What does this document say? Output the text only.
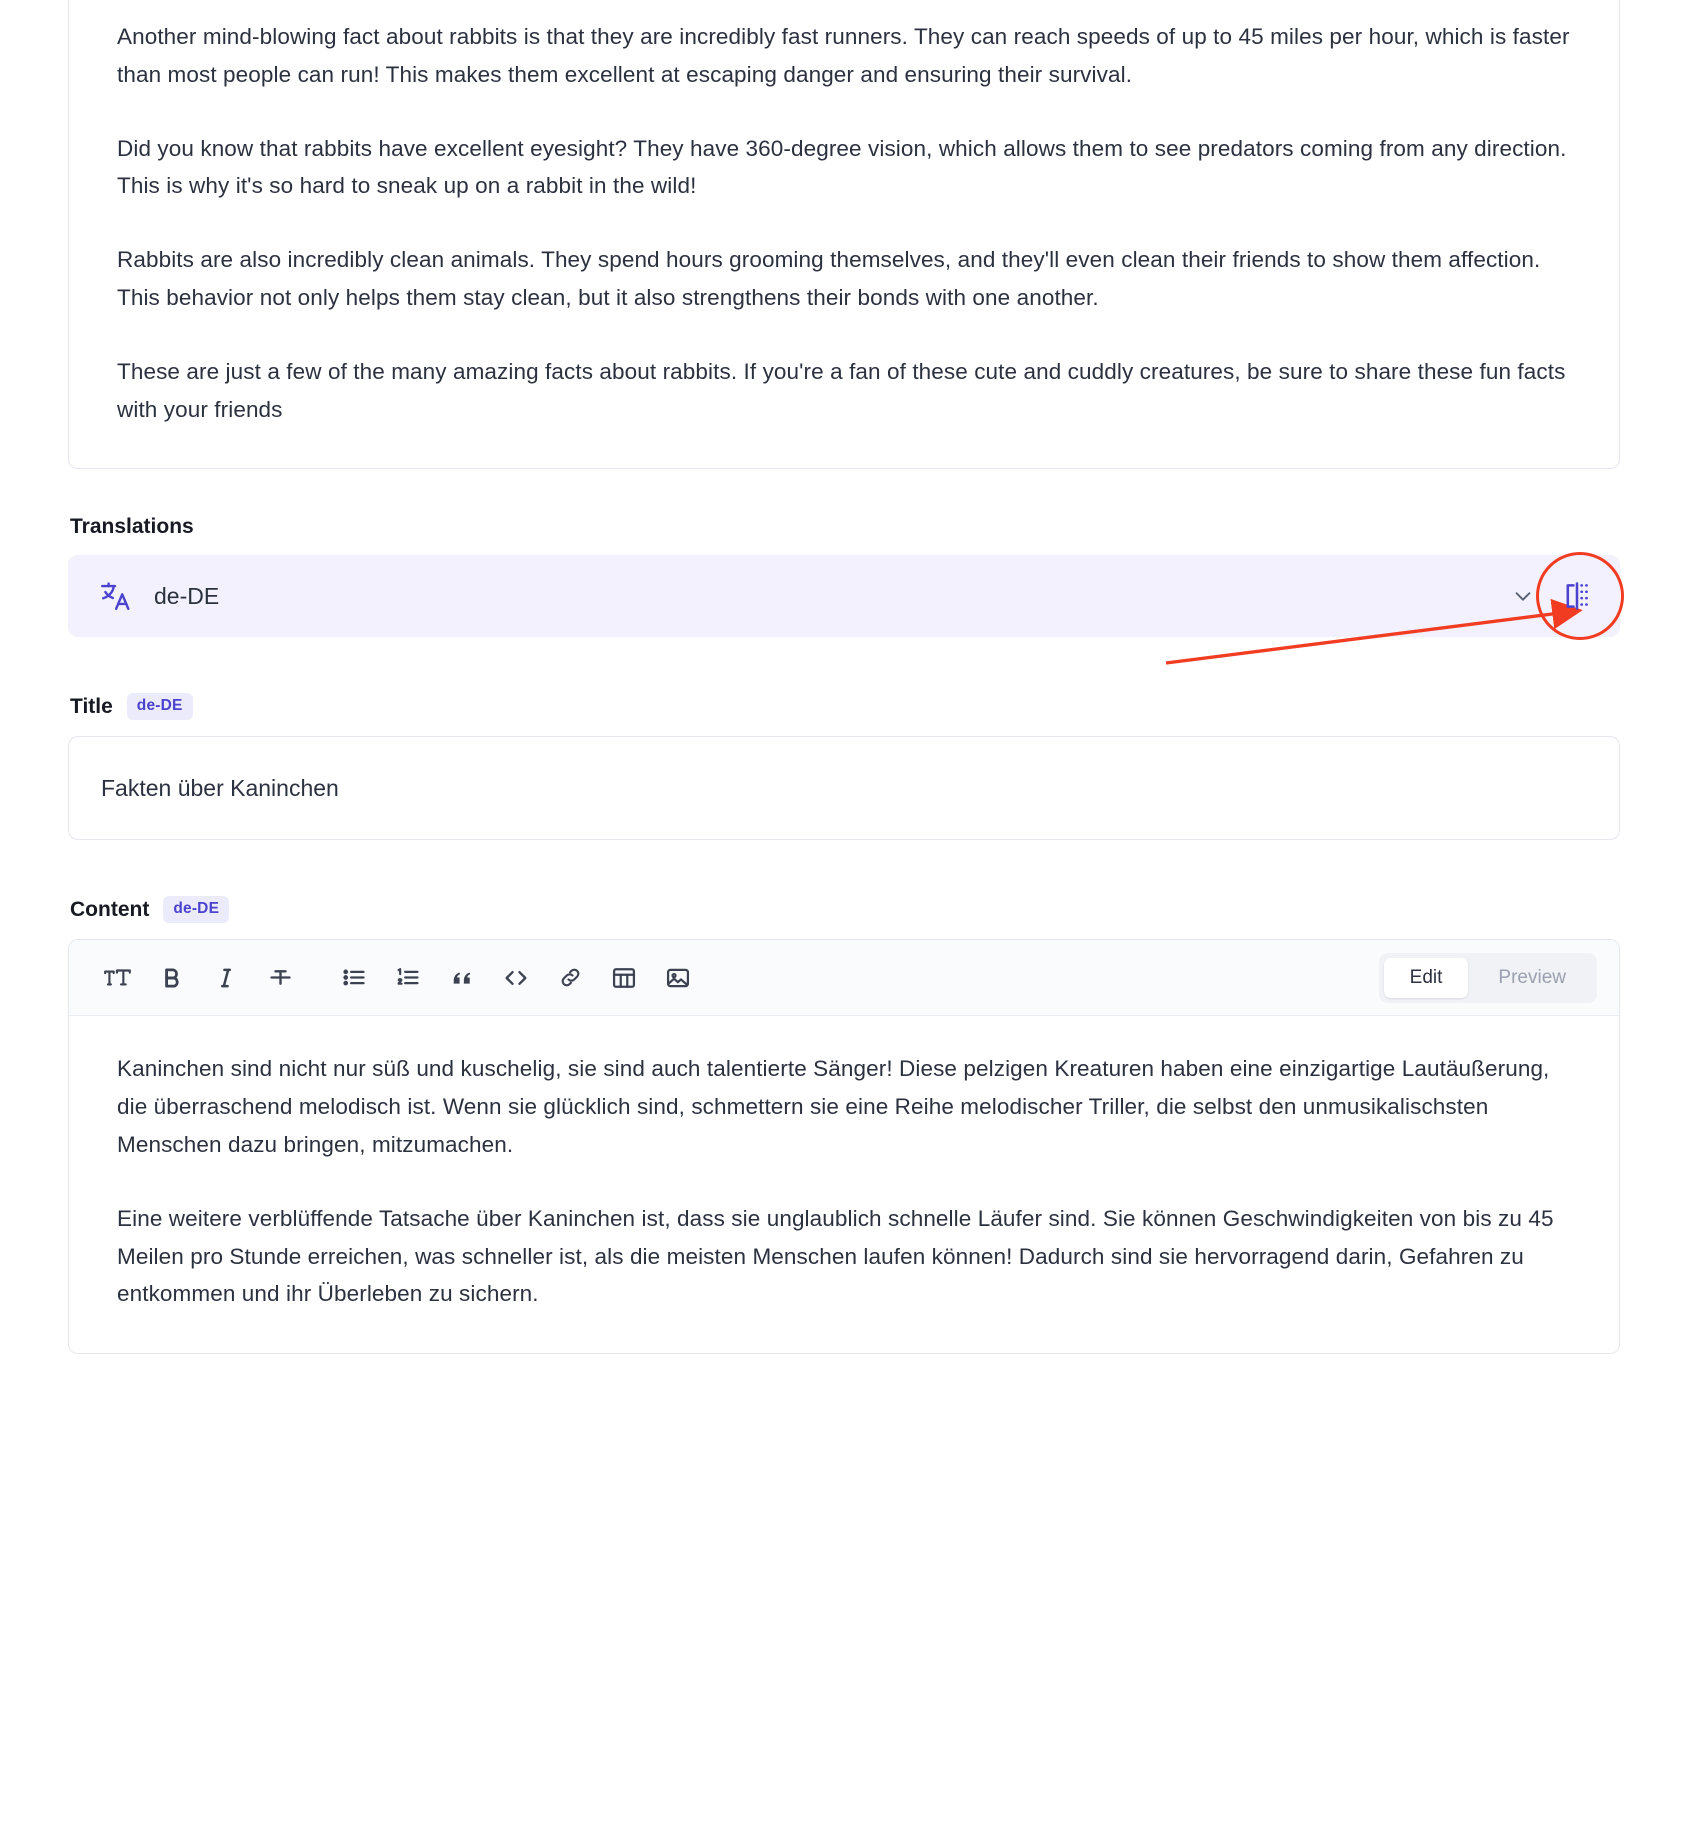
Another mind-blowing fact about rabbits is that they are incredibly fast runners. They can reach speeds of up to 45 miles per hour, which is faster than most people can run! This makes them excellent at escaping danger and ensuring their survival.

Did you know that rabbits have excellent eyesight? They have 360-degree vision, which allows them to see predators coming from any direction. This is why it's so hard to sneak up on a rabbit in the wild!

Rabbits are also incredibly clean animals. They spend hours grooming themselves, and they'll even clean their friends to show them affection. This behavior not only helps them stay clean, but it also strengthens their bonds with one another.

These are just a few of the many amazing facts about rabbits. If you're a fan of these cute and cuddly creatures, be sure to share these fun facts with your friends

Translations
de-DE
Title	de-DE
Fakten über Kaninchen
Content	de-DE
Edit	Preview

Kaninchen sind nicht nur süß und kuschelig, sie sind auch talentierte Sänger! Diese pelzigen Kreaturen haben eine einzigartige Lautäußerung, die überraschend melodisch ist. Wenn sie glücklich sind, schmettern sie eine Reihe melodischer Triller, die selbst den unmusikalischsten Menschen dazu bringen, mitzumachen.

Eine weitere verblüffende Tatsache über Kaninchen ist, dass sie unglaublich schnelle Läufer sind. Sie können Geschwindigkeiten von bis zu 45 Meilen pro Stunde erreichen, was schneller ist, als die meisten Menschen laufen können! Dadurch sind sie hervorragend darin, Gefahren zu entkommen und ihr Überleben zu sichern.
